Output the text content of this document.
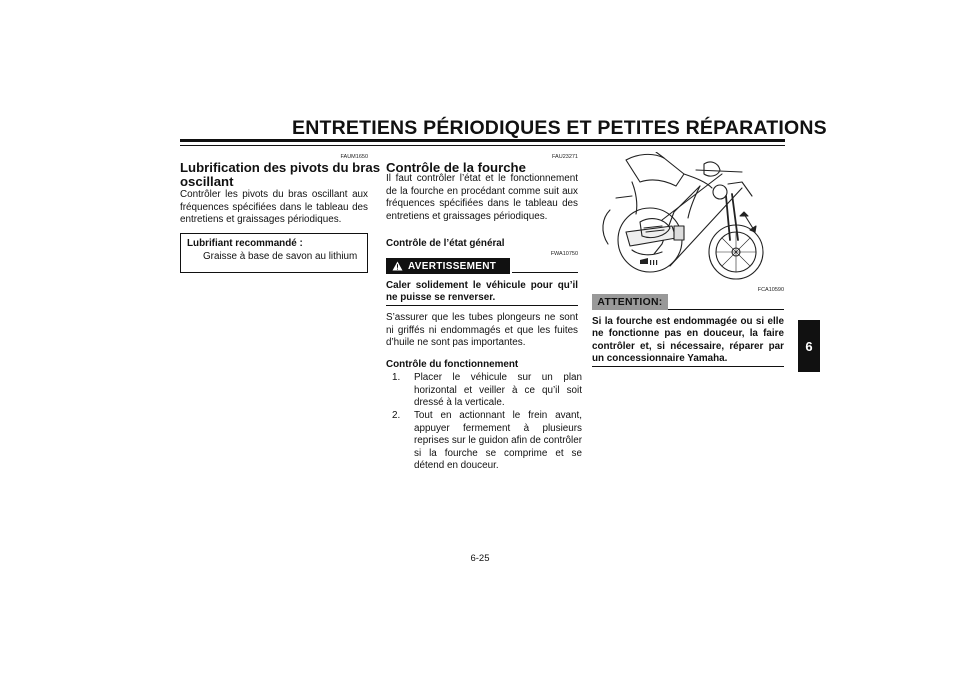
ENTRETIENS PÉRIODIQUES ET PETITES RÉPARATIONS
6
FAUM1650
Lubrification des pivots du bras
oscillant
Contrôler les pivots du bras oscillant aux fréquences spécifiées dans le tableau des entretiens et graissages périodiques.
Lubrifiant recommandé :
Graisse à base de savon au lithium
FAU23271
Contrôle de la fourche
Il faut contrôler l’état et le fonctionnement de la fourche en procédant comme suit aux fréquences spécifiées dans le tableau des entretiens et graissages périodiques.
Contrôle de l’état général
FWA10750
AVERTISSEMENT
Caler solidement le véhicule pour qu’il ne puisse se renverser.
S’assurer que les tubes plongeurs ne sont ni griffés ni endommagés et que les fuites d’huile ne sont pas importantes.
Contrôle du fonctionnement
1. Placer le véhicule sur un plan horizontal et veiller à ce qu’il soit dressé à la verticale.
2. Tout en actionnant le frein avant, appuyer fermement à plusieurs reprises sur le guidon afin de contrôler si la fourche se comprime et se détend en douceur.
FCA10590
ATTENTION:
Si la fourche est endommagée ou si elle ne fonctionne pas en douceur, la faire contrôler et, si nécessaire, réparer par un concessionnaire Yamaha.
6-25
